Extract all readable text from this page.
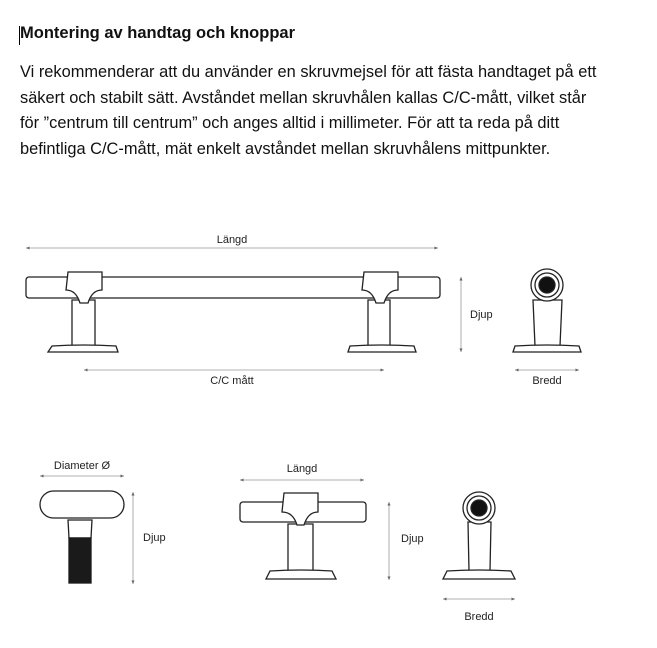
Montering av handtag och knoppar
Vi rekommenderar att du använder en skruvmejsel för att fästa handtaget på ett
säkert och stabilt sätt. Avståndet mellan skruvhålen kallas C/C-mått, vilket står
för ”centrum till centrum” och anges alltid i millimeter. För att ta reda på ditt
befintliga C/C-mått, mät enkelt avståndet mellan skruvhålens mittpunkter.
Längd
C/C mått
Djup
Bredd
Diameter Ø
Djup
Längd
Djup
Bredd
